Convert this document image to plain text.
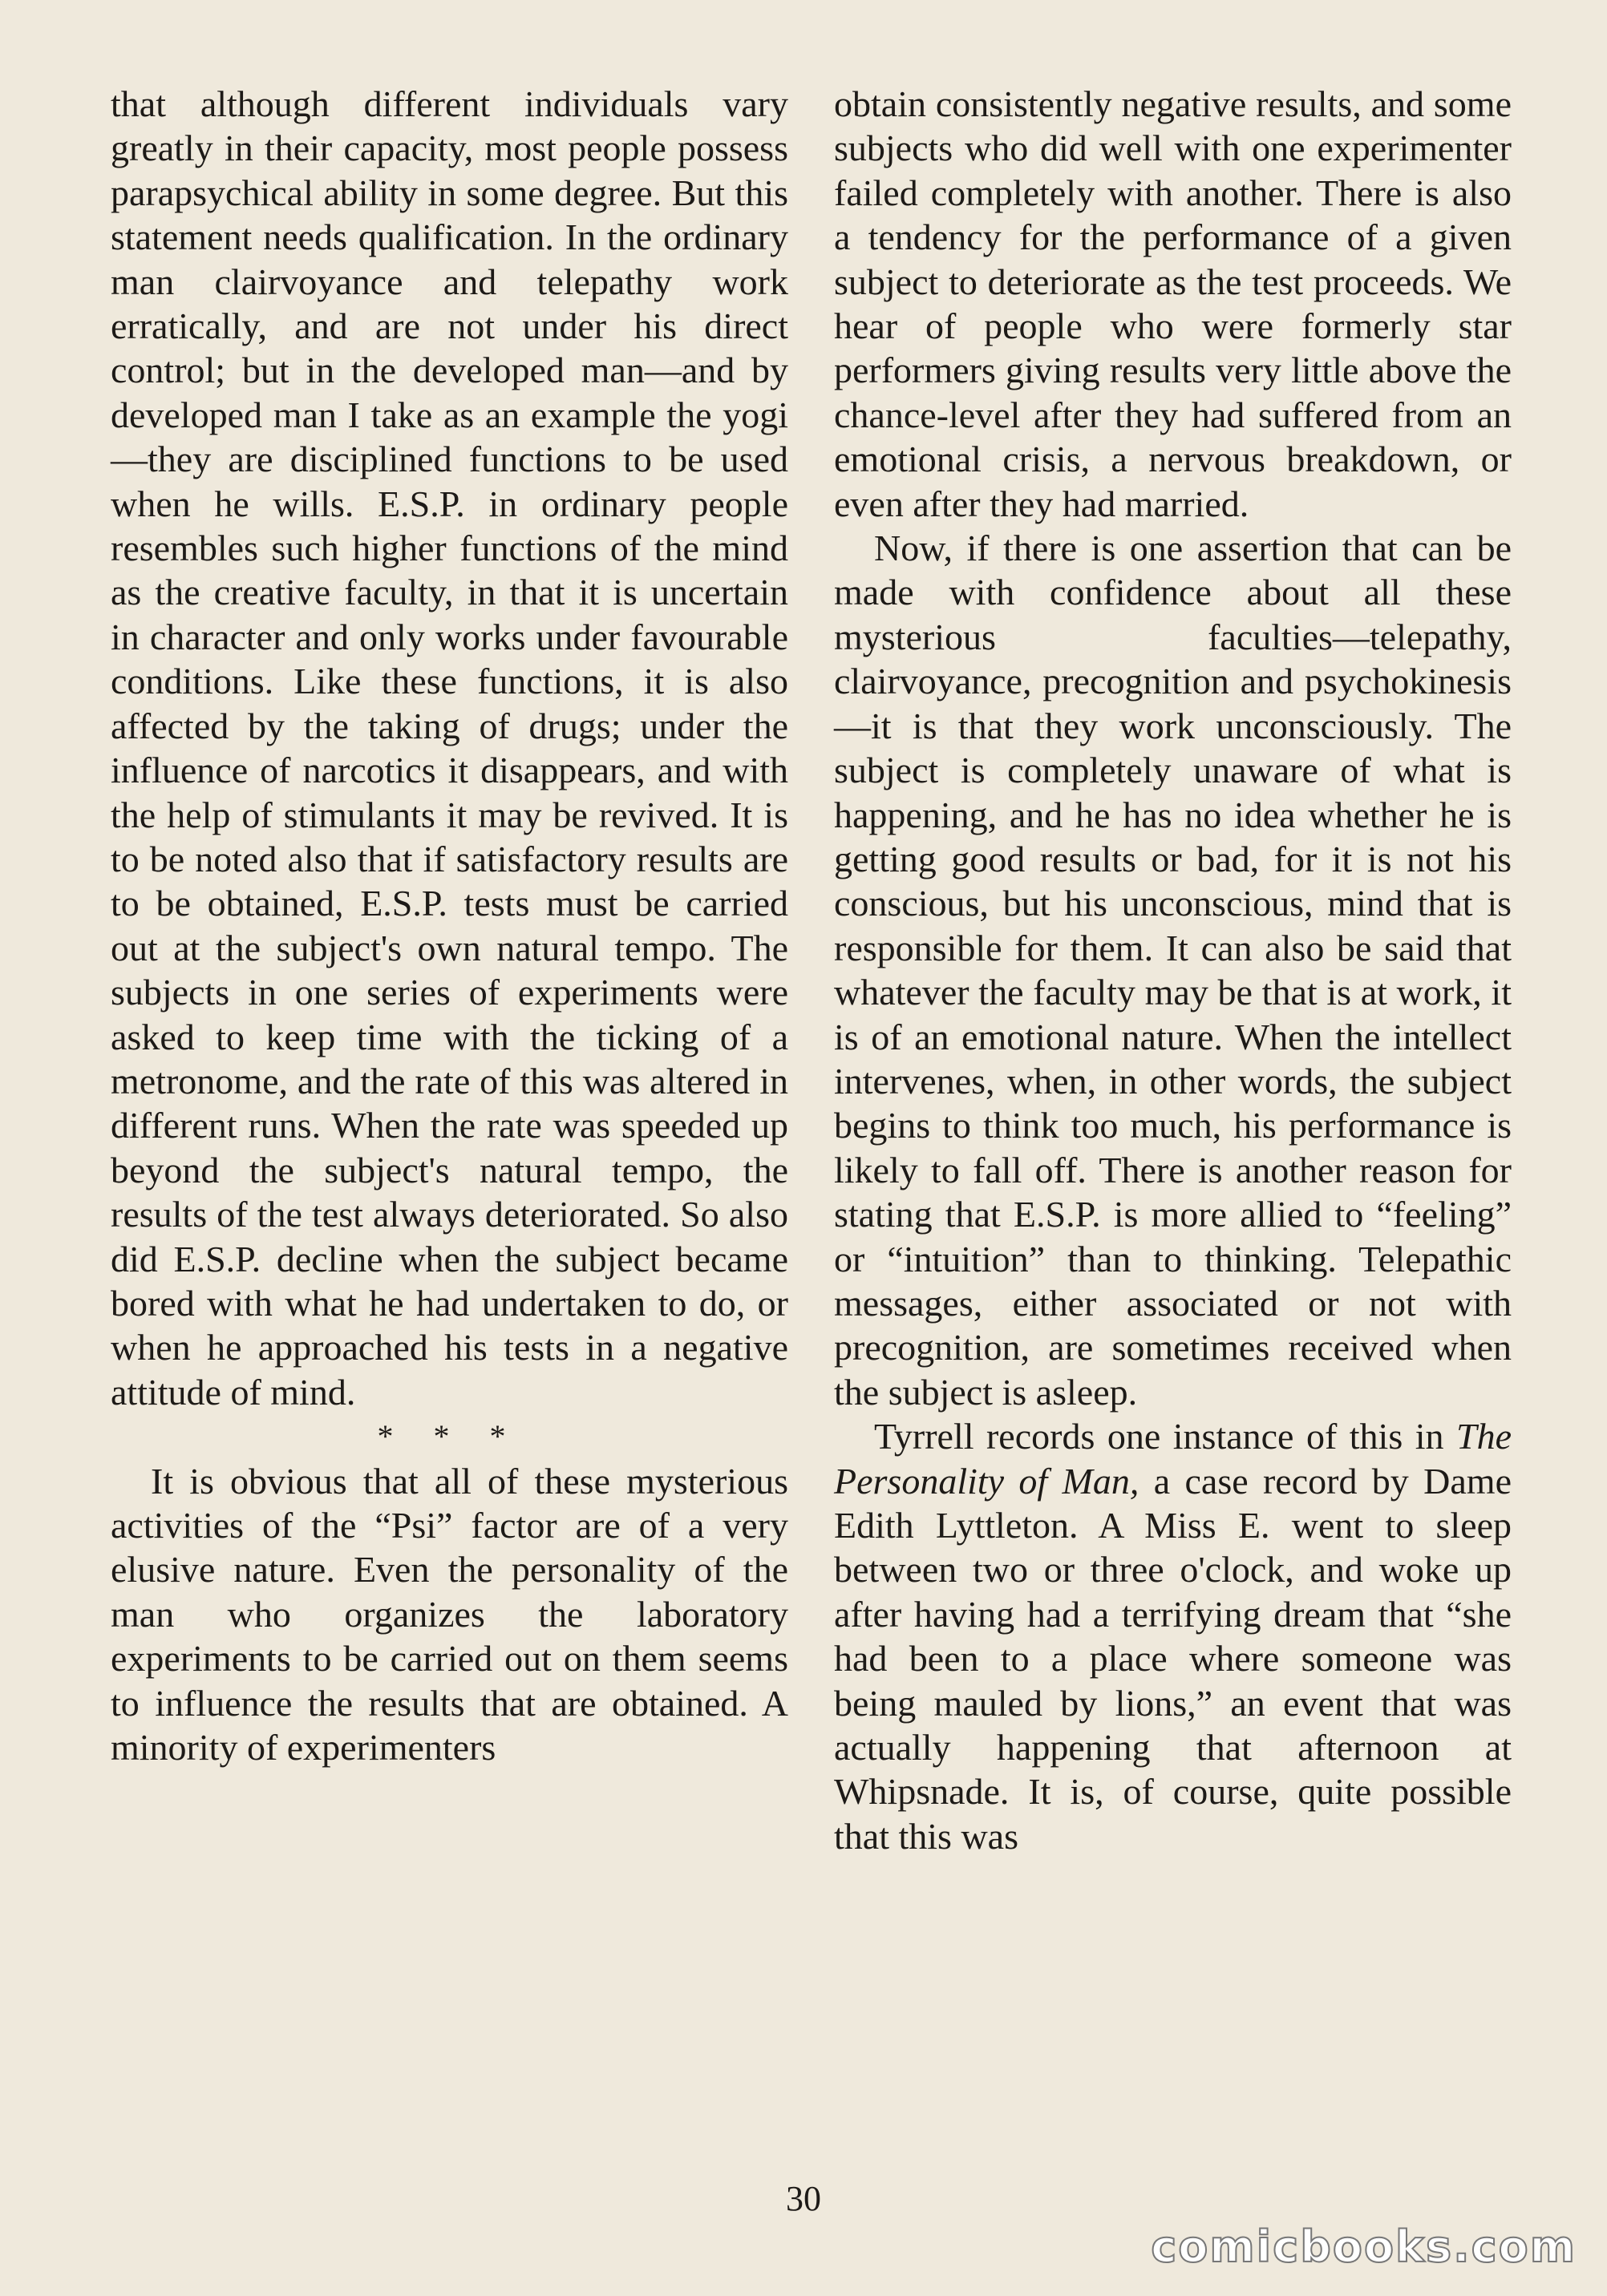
that although different individuals vary greatly in their capacity, most people possess parapsychical ability in some degree. But this statement needs qualification. In the ordinary man clairvoyance and telepathy work erratically, and are not under his direct control; but in the developed man—and by developed man I take as an example the yogi—they are disciplined functions to be used when he wills. E.S.P. in ordinary people resembles such higher functions of the mind as the creative faculty, in that it is uncertain in character and only works under favourable conditions. Like these functions, it is also affected by the taking of drugs; under the influence of narcotics it disappears, and with the help of stimulants it may be revived. It is to be noted also that if satisfactory results are to be obtained, E.S.P. tests must be carried out at the subject's own natural tempo. The subjects in one series of experiments were asked to keep time with the ticking of a metronome, and the rate of this was altered in different runs. When the rate was speeded up beyond the subject's natural tempo, the results of the test always deteriorated. So also did E.S.P. decline when the subject became bored with what he had undertaken to do, or when he approached his tests in a negative attitude of mind.

* * *

It is obvious that all of these mysterious activities of the “Psi” factor are of a very elusive nature. Even the personality of the man who organizes the laboratory experiments to be carried out on them seems to influence the results that are obtained. A minority of experimenters

obtain consistently negative results, and some subjects who did well with one experimenter failed completely with another. There is also a tendency for the performance of a given subject to deteriorate as the test proceeds. We hear of people who were formerly star performers giving results very little above the chance-level after they had suffered from an emotional crisis, a nervous breakdown, or even after they had married.

Now, if there is one assertion that can be made with confidence about all these mysterious faculties—telepathy, clairvoyance, precognition and psychokinesis—it is that they work unconsciously. The subject is completely unaware of what is happening, and he has no idea whether he is getting good results or bad, for it is not his conscious, but his unconscious, mind that is responsible for them. It can also be said that whatever the faculty may be that is at work, it is of an emotional nature. When the intellect intervenes, when, in other words, the subject begins to think too much, his performance is likely to fall off. There is another reason for stating that E.S.P. is more allied to “feeling” or “intuition” than to thinking. Telepathic messages, either associated or not with precognition, are sometimes received when the subject is asleep.

Tyrrell records one instance of this in The Personality of Man, a case record by Dame Edith Lyttleton. A Miss E. went to sleep between two or three o'clock, and woke up after having had a terrifying dream that “she had been to a place where someone was being mauled by lions,” an event that was actually happening that afternoon at Whipsnade. It is, of course, quite possible that this was

30
comicbooks.com
